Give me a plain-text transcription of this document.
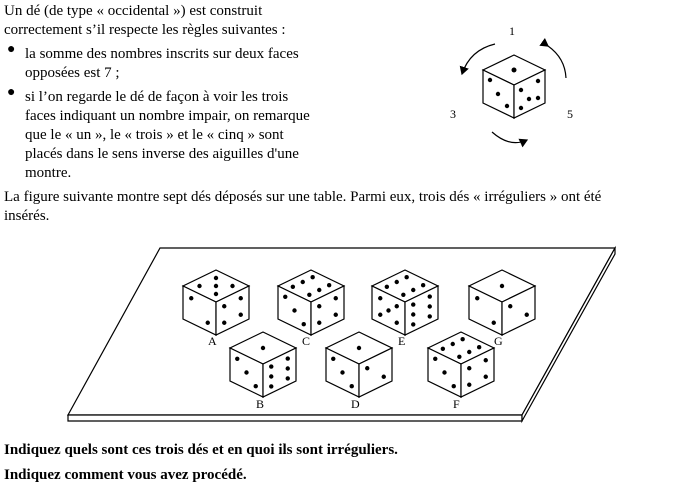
Un dé (de type « occidental ») est construit
correctement s’il respecte les règles suivantes :
● la somme des nombres inscrits sur deux faces
opposées est 7 ;
● si l’on regarde le dé de façon à voir les trois
faces indiquant un nombre impair, on remarque
que le « un », le « trois » et le « cinq » sont
placés dans le sens inverse des aiguilles d'une
montre.
La figure suivante montre sept dés déposés sur une table. Parmi eux, trois dés « irréguliers » ont été
insérés.
1
3	5
A
B
C
D
E
F
G
Indiquez quels sont ces trois dés et en quoi ils sont irréguliers.
Indiquez comment vous avez procédé.
